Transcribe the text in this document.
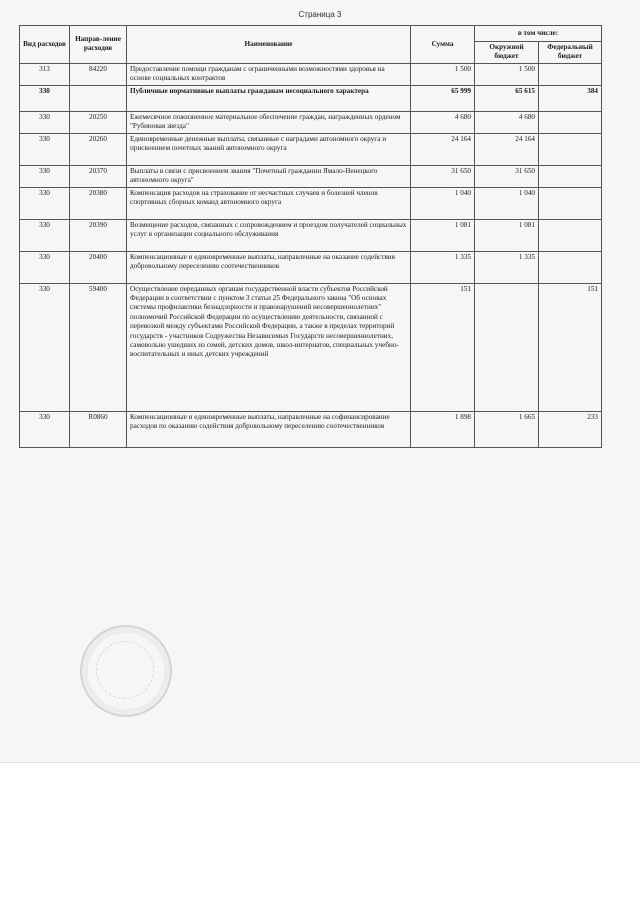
Страница 3
Вид расходов	Направ-ление расходов	Наименование	Сумма	в том числе:	
				Окружной бюджет	Федеральный бюджет
313	84220	Предоставление помощи гражданам с ограниченными возможностями здоровья на основе социальных контрактов	1 500	1 500	
330		Публичные нормативные выплаты гражданам несоциального характера	65 999	65 615	384
330	20250	Ежемесячное пожизненное материальное обеспечение граждан, награжденных орденом "Рубиновая звезда"	4 680	4 680	
330	20260	Единовременные денежные выплаты, связанные с наградами автономного округа и присвоением почетных званий автономного округа	24 164	24 164	
330	20370	Выплаты в связи с присвоением звания "Почетный гражданин Ямало-Ненецкого автономного округа"	31 650	31 650	
330	20380	Компенсация расходов на страхование от несчастных случаев и болезней членов спортивных сборных команд автономного округа	1 040	1 040	
330	20390	Возмещение расходов, связанных с сопровождением и проездом получателей социальных услуг в организации социального обслуживания	1 081	1 081	
330	20400	Компенсационные и единовременные выплаты, направленные на оказание содействия добровольному переселению соотечественников	1 335	1 335	
330	59400	Осуществление переданных органам государственной власти субъектов Российской Федерации в соответствии с пунктом 3 статьи 25 Федерального закона "Об основах системы профилактики безнадзорности и правонарушений несовершеннолетних" полномочий Российской Федерации по осуществлению деятельности, связанной с перевозкой между субъектами Российской Федерации, а также в пределах территорий государств - участников Содружества Независимых Государств несовершеннолетних, самовольно ушедших из семей, детских домов, школ-интернатов, специальных учебно-воспитательных и иных детских учреждений	151		151
330	R0860	Компенсационные и единовременные выплаты, направленные на софинансирование расходов по оказанию содействия добровольному переселению соотечественников	1 898	1 665	233
